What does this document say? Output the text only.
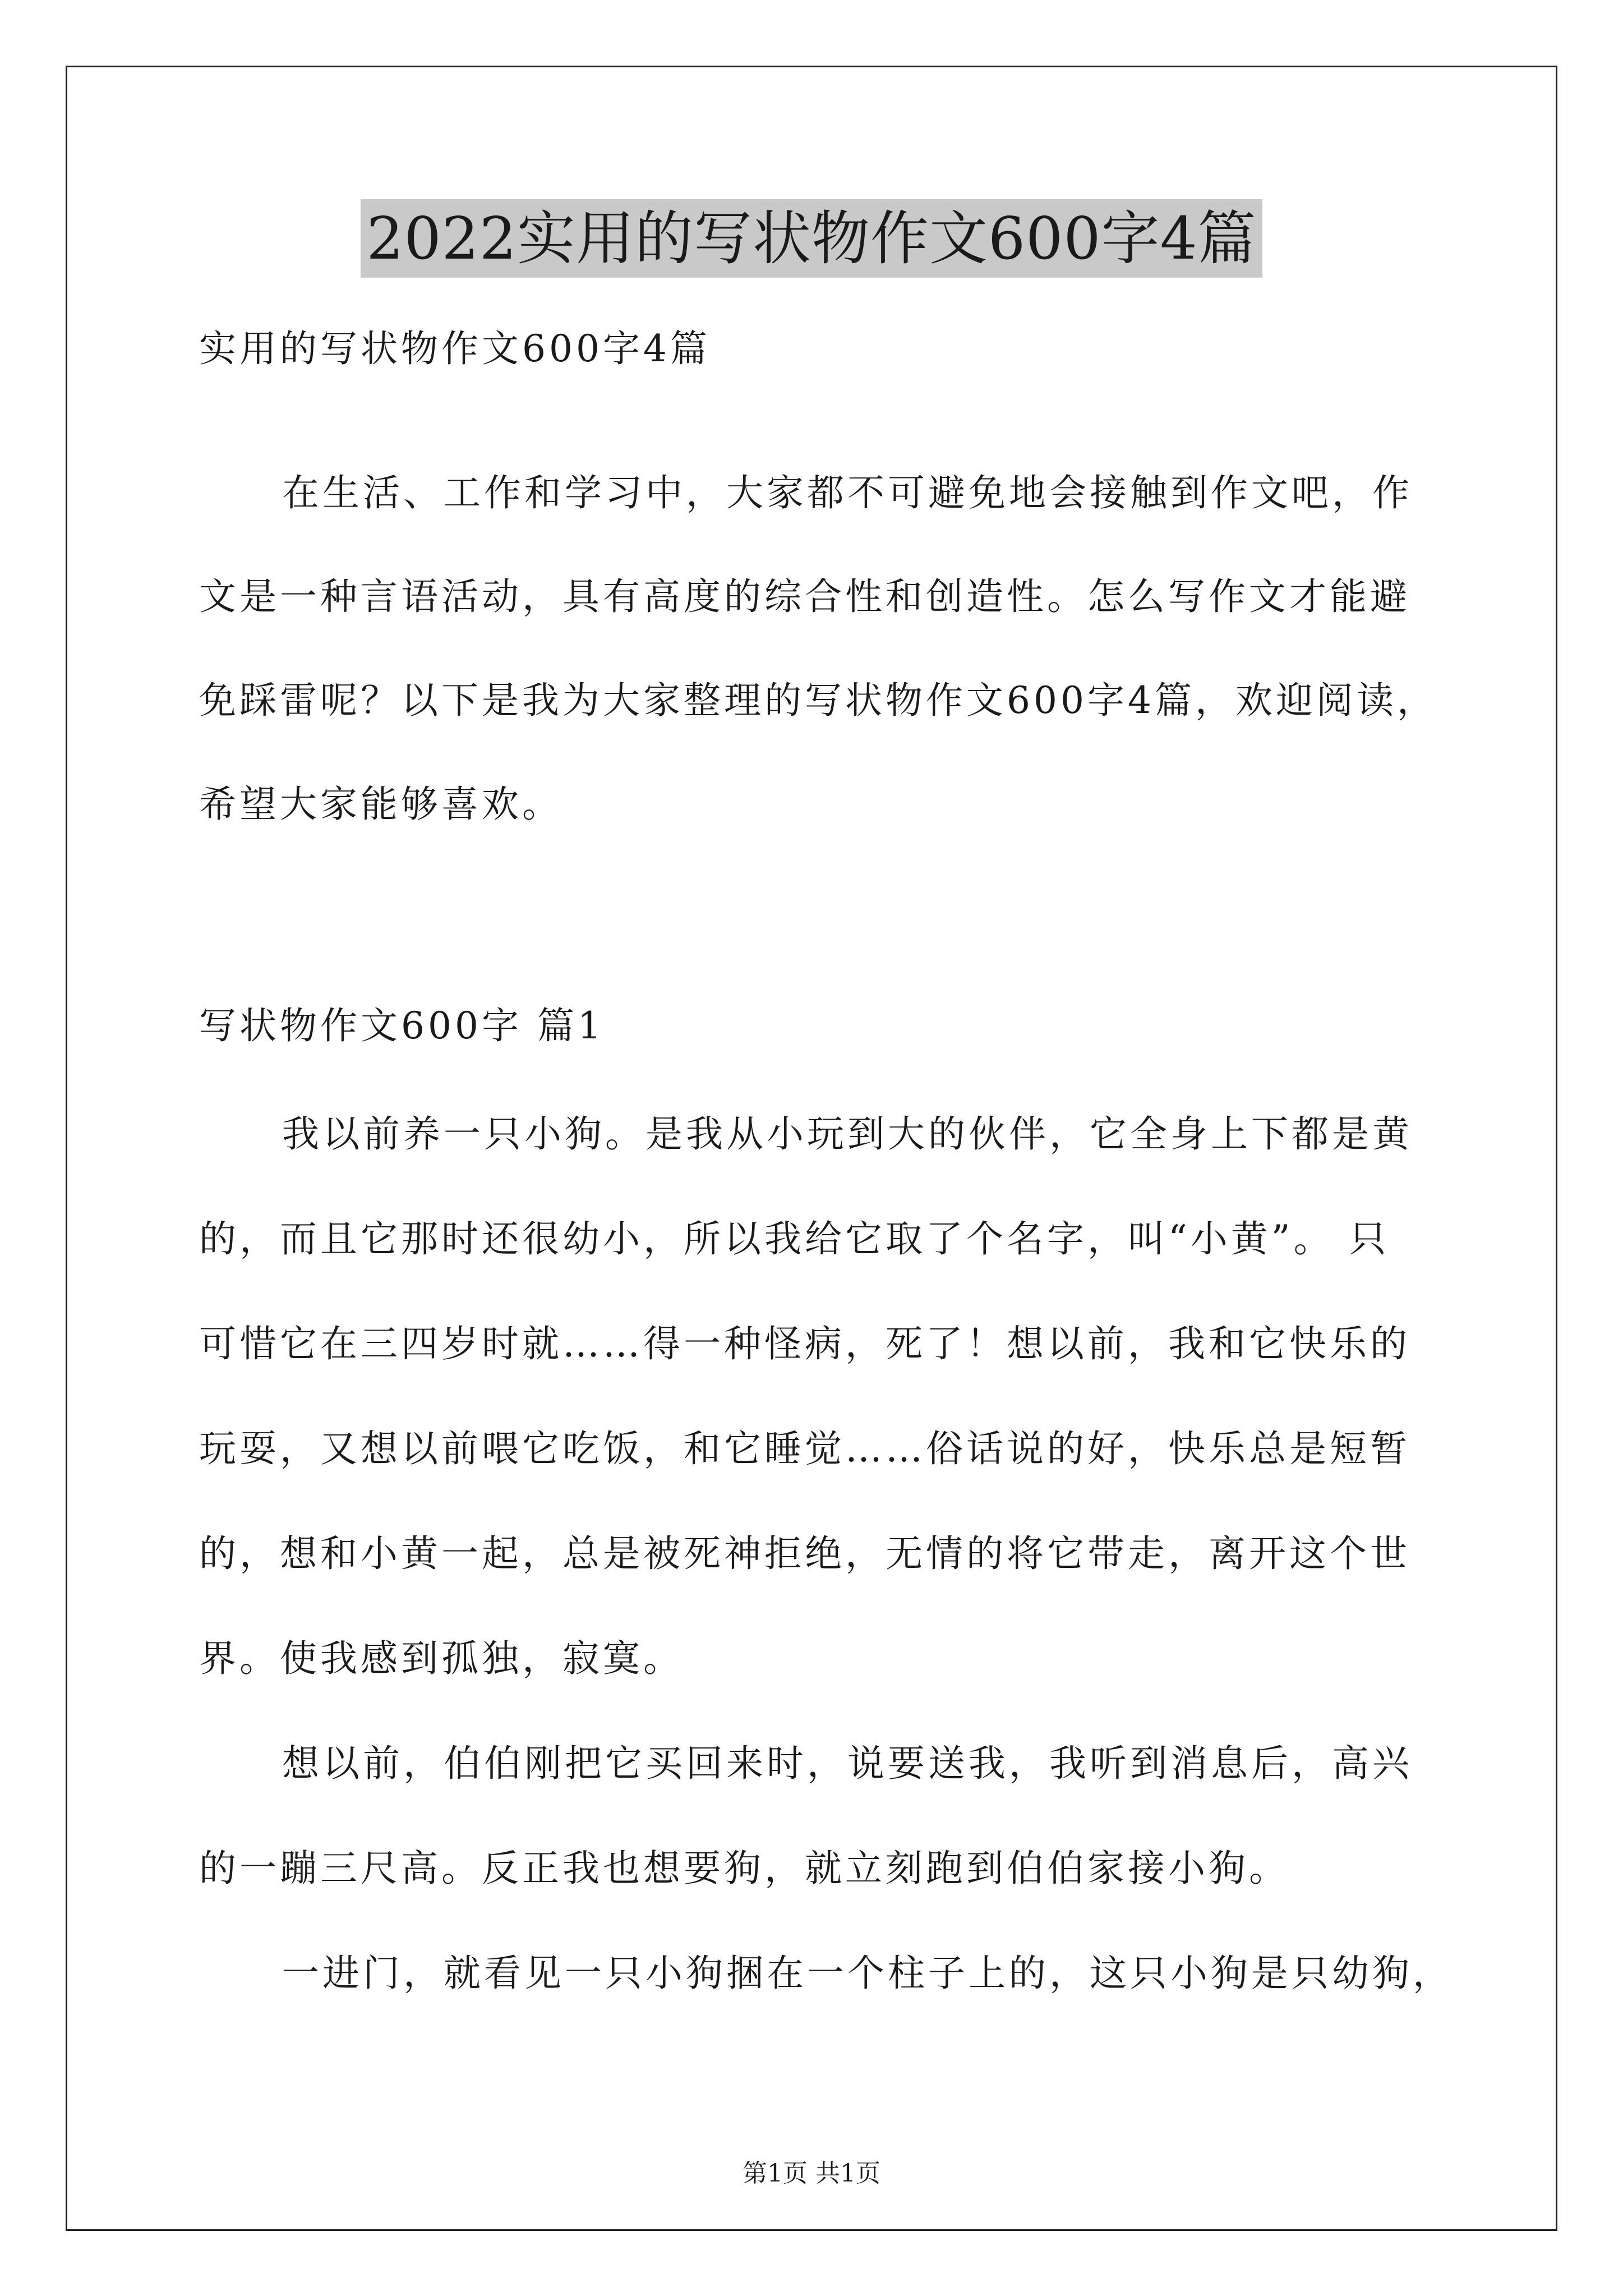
2022实用的写状物作文600字4篇
实用的写状物作文600字4篇
在生活、工作和学习中，大家都不可避免地会接触到作文吧，作
文是一种言语活动，具有高度的综合性和创造性。怎么写作文才能避
免踩雷呢？以下是我为大家整理的写状物作文600字4篇，欢迎阅读，
希望大家能够喜欢。
写状物作文600字 篇1
我以前养一只小狗。是我从小玩到大的伙伴，它全身上下都是黄
的，而且它那时还很幼小，所以我给它取了个名字，叫“小黄”。 只
可惜它在三四岁时就……得一种怪病，死了！想以前，我和它快乐的
玩耍，又想以前喂它吃饭，和它睡觉……俗话说的好，快乐总是短暂
的，想和小黄一起，总是被死神拒绝，无情的将它带走，离开这个世
界。使我感到孤独，寂寞。
想以前，伯伯刚把它买回来时，说要送我，我听到消息后，高兴
的一蹦三尺高。反正我也想要狗，就立刻跑到伯伯家接小狗。
一进门，就看见一只小狗捆在一个柱子上的，这只小狗是只幼狗，
第1页 共1页
